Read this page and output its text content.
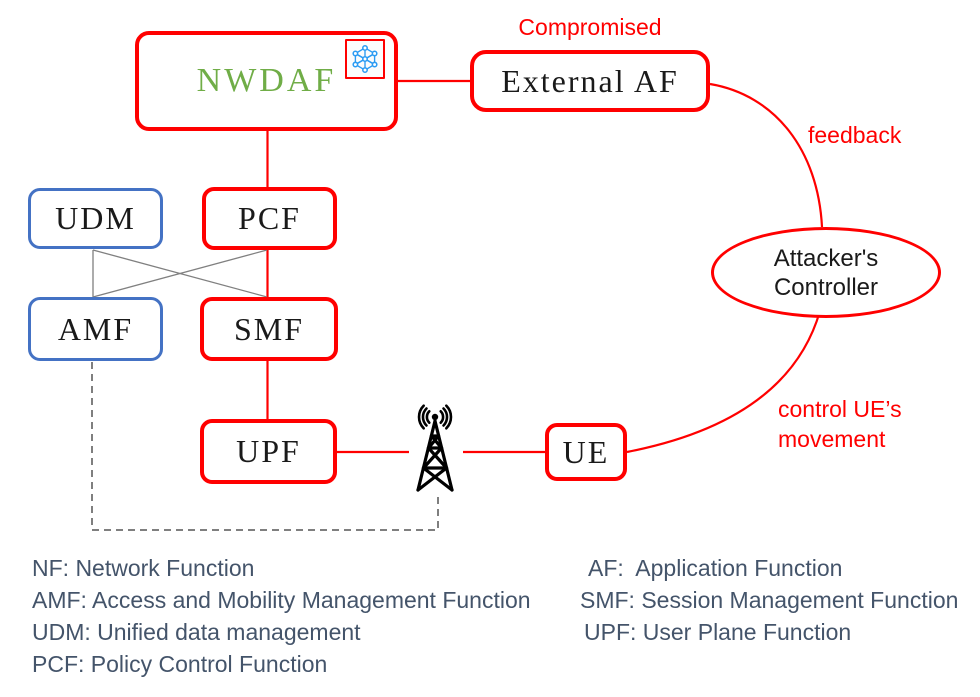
NWDAF
Compromised
External AF
UDM	PCF
AMF	SMF
UPF	UE
Attacker's Controller
feedback
control UE’s movement
NF: Network Function
AMF: Access and Mobility Management Function
UDM: Unified data management
PCF: Policy Control Function
AF:  Application Function
SMF: Session Management Function
UPF: User Plane Function
